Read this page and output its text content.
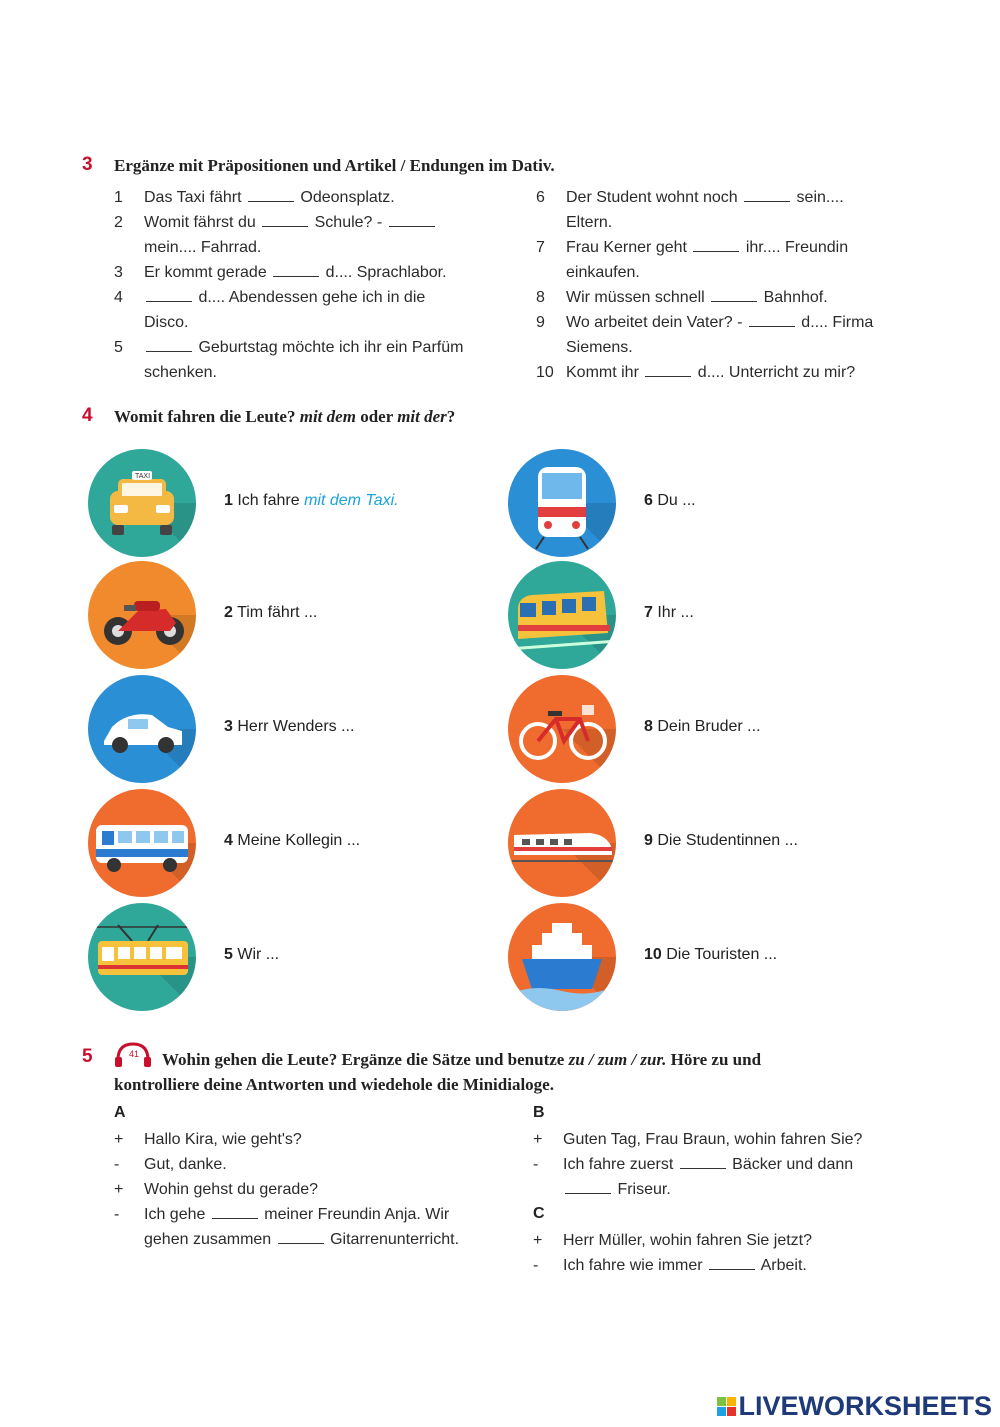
3 Ergänze mit Präpositionen und Artikel / Endungen im Dativ.
1 Das Taxi fährt	Odeonsplatz.
2 Womit fährst du	Schule? -
mein.... Fahrrad.
3 Er kommt gerade	d.... Sprachlabor.
4	d.... Abendessen gehe ich in die
Disco.
5	Geburtstag möchte ich ihr ein Parfüm
schenken.
6 Der Student wohnt noch	sein....
Eltern.
7 Frau Kerner geht	ihr.... Freundin
einkaufen.
8 Wir müssen schnell	Bahnhof.
9 Wo arbeitet dein Vater? -	d.... Firma
Siemens.
10 Kommt ihr	d.... Unterricht zu mir?
4 Womit fahren die Leute? mit dem oder mit der?
TAXI
1 Ich fahre mit dem Taxi.
2 Tim fährt ...
3 Herr Wenders ...
4 Meine Kollegin ...
5 Wir ...
6 Du ...
7 Ihr ...
8 Dein Bruder ...
9 Die Studentinnen ...
10 Die Touristen ...
5	41 Wohin gehen die Leute? Ergänze die Sätze und benutze zu / zum / zur. Höre zu und
kontrolliere deine Antworten und wiedehole die Minidialoge.
A
+ Hallo Kira, wie geht's?
- Gut, danke.
+ Wohin gehst du gerade?
- Ich gehe	meiner Freundin Anja. Wir
gehen zusammen	Gitarrenunterricht.
B
+ Guten Tag, Frau Braun, wohin fahren Sie?
- Ich fahre zuerst	Bäcker und dann
Friseur.
C
+ Herr Müller, wohin fahren Sie jetzt?
- Ich fahre wie immer	Arbeit.
LIVEWORKSHEETS
